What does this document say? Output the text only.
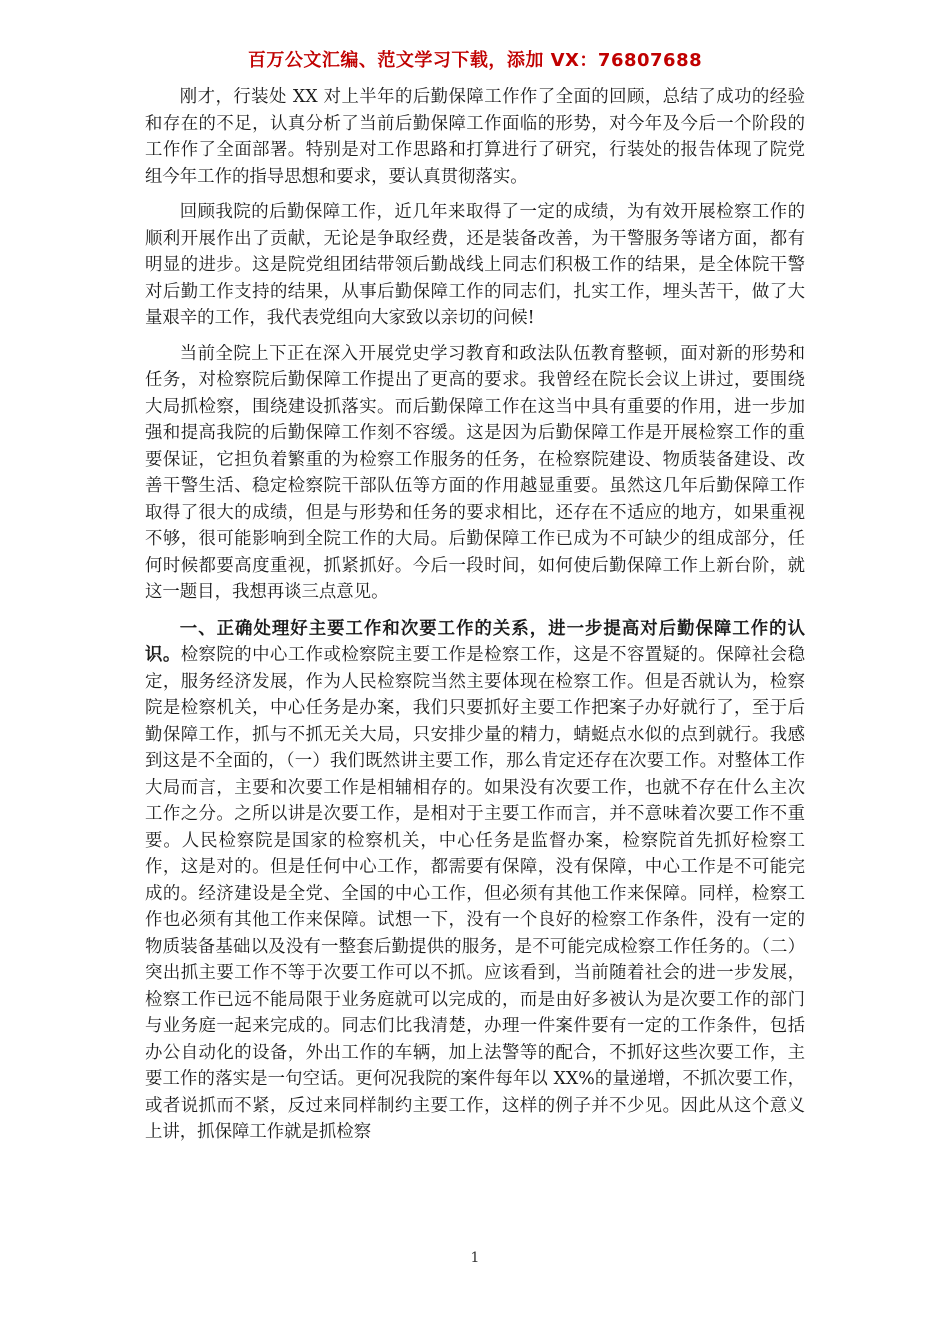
百万公文汇编、范文学习下载，添加 VX：76807688

刚才，行装处 XX 对上半年的后勤保障工作作了全面的回顾，总结了成功的经验和存在的不足，认真分析了当前后勤保障工作面临的形势，对今年及今后一个阶段的工作作了全面部署。特别是对工作思路和打算进行了研究，行装处的报告体现了院党组今年工作的指导思想和要求，要认真贯彻落实。

回顾我院的后勤保障工作，近几年来取得了一定的成绩，为有效开展检察工作的顺利开展作出了贡献，无论是争取经费，还是装备改善，为干警服务等诸方面，都有明显的进步。这是院党组团结带领后勤战线上同志们积极工作的结果，是全体院干警对后勤工作支持的结果，从事后勤保障工作的同志们，扎实工作，埋头苦干，做了大量艰辛的工作，我代表党组向大家致以亲切的问候!

当前全院上下正在深入开展党史学习教育和政法队伍教育整顿，面对新的形势和任务，对检察院后勤保障工作提出了更高的要求。我曾经在院长会议上讲过，要围绕大局抓检察，围绕建设抓落实。而后勤保障工作在这当中具有重要的作用，进一步加强和提高我院的后勤保障工作刻不容缓。这是因为后勤保障工作是开展检察工作的重要保证，它担负着繁重的为检察工作服务的任务，在检察院建设、物质装备建设、改善干警生活、稳定检察院干部队伍等方面的作用越显重要。虽然这几年后勤保障工作取得了很大的成绩，但是与形势和任务的要求相比，还存在不适应的地方，如果重视不够，很可能影响到全院工作的大局。后勤保障工作已成为不可缺少的组成部分，任何时候都要高度重视，抓紧抓好。今后一段时间，如何使后勤保障工作上新台阶，就这一题目，我想再谈三点意见。

一、正确处理好主要工作和次要工作的关系，进一步提高对后勤保障工作的认识。检察院的中心工作或检察院主要工作是检察工作，这是不容置疑的。保障社会稳定，服务经济发展，作为人民检察院当然主要体现在检察工作。但是否就认为，检察院是检察机关，中心任务是办案，我们只要抓好主要工作把案子办好就行了，至于后勤保障工作，抓与不抓无关大局，只安排少量的精力，蜻蜓点水似的点到就行。我感到这是不全面的，（一）我们既然讲主要工作，那么肯定还存在次要工作。对整体工作大局而言，主要和次要工作是相辅相存的。如果没有次要工作，也就不存在什么主次工作之分。之所以讲是次要工作，是相对于主要工作而言，并不意味着次要工作不重要。人民检察院是国家的检察机关，中心任务是监督办案，检察院首先抓好检察工作，这是对的。但是任何中心工作，都需要有保障，没有保障，中心工作是不可能完成的。经济建设是全党、全国的中心工作，但必须有其他工作来保障。同样，检察工作也必须有其他工作来保障。试想一下，没有一个良好的检察工作条件，没有一定的物质装备基础以及没有一整套后勤提供的服务，是不可能完成检察工作任务的。（二）突出抓主要工作不等于次要工作可以不抓。应该看到，当前随着社会的进一步发展，检察工作已远不能局限于业务庭就可以完成的，而是由好多被认为是次要工作的部门与业务庭一起来完成的。同志们比我清楚，办理一件案件要有一定的工作条件，包括办公自动化的设备，外出工作的车辆，加上法警等的配合，不抓好这些次要工作，主要工作的落实是一句空话。更何况我院的案件每年以 XX%的量递增，不抓次要工作，或者说抓而不紧，反过来同样制约主要工作，这样的例子并不少见。因此从这个意义上讲，抓保障工作就是抓检察

1
